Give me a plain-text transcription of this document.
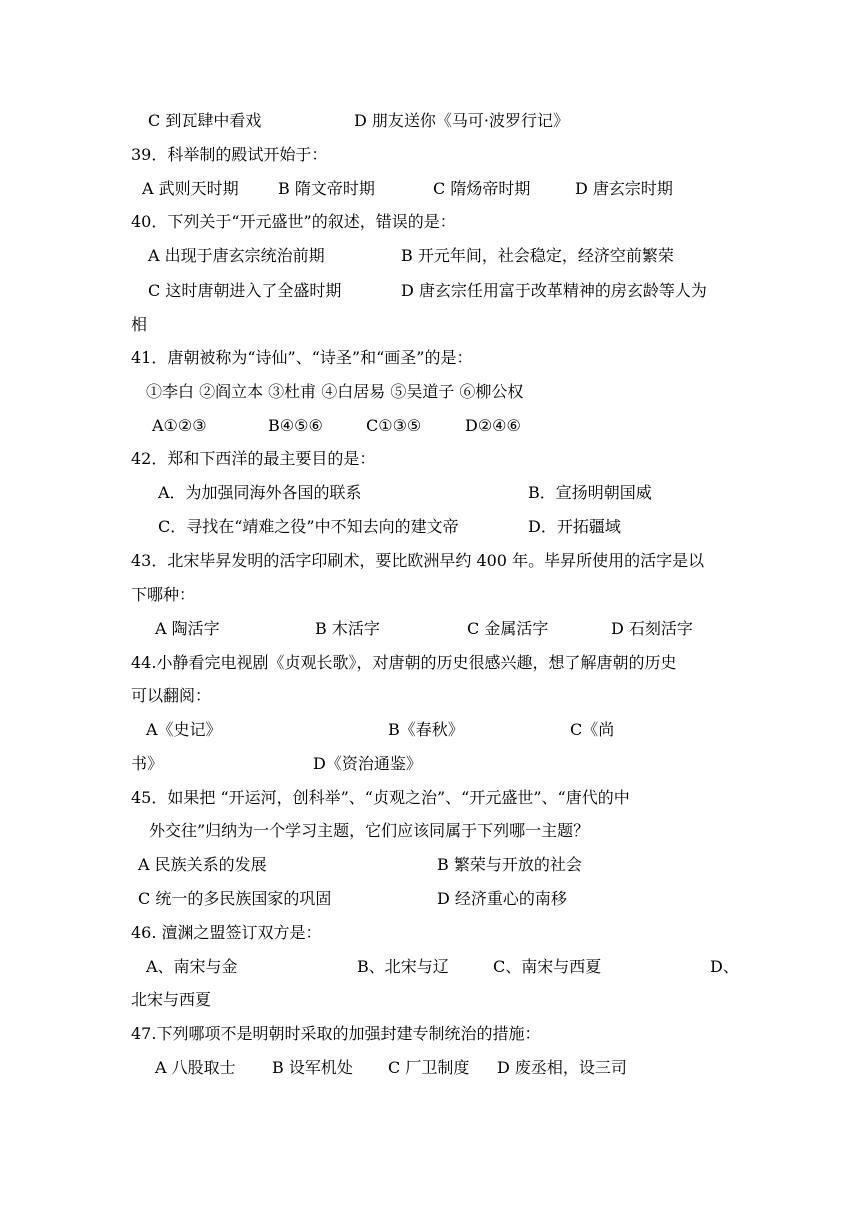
C 到瓦肆中看戏	D 朋友送你《马可·波罗行记》
39．科举制的殿试开始于：
A 武则天时期 B 隋文帝时期	C 隋炀帝时期	D 唐玄宗时期
40．下列关于“开元盛世”的叙述，错误的是：
A 出现于唐玄宗统治前期	B 开元年间，社会稳定，经济空前繁荣
C 这时唐朝进入了全盛时期	D 唐玄宗任用富于改革精神的房玄龄等人为
相
41．唐朝被称为“诗仙”、“诗圣”和“画圣”的是：
①李白 ②阎立本 ③杜甫 ④白居易 ⑤吴道子 ⑥柳公权
A①②③	B④⑤⑥	C①③⑤	D②④⑥
42．郑和下西洋的最主要目的是：
A．为加强同海外各国的联系	B．宣扬明朝国威
C．寻找在“靖难之役”中不知去向的建文帝	D．开拓疆域
43．北宋毕昇发明的活字印刷术，要比欧洲早约 400 年。毕昇所使用的活字是以
下哪种：
A 陶活字	B 木活字	C 金属活字	D 石刻活字
44.小静看完电视剧《贞观长歌》，对唐朝的历史很感兴趣，想了解唐朝的历史
可以翻阅：
A《史记》	B《春秋》	C《尚
书》	D《资治通鉴》
45．如果把 “开运河，创科举”、“贞观之治”、“开元盛世”、“唐代的中
外交往”归纳为一个学习主题，它们应该同属于下列哪一主题？
A 民族关系的发展	B 繁荣与开放的社会
C 统一的多民族国家的巩固	D 经济重心的南移
46. 澶渊之盟签订双方是：
A、南宋与金	B、北宋与辽	C、南宋与西夏	D、
北宋与西夏
47.下列哪项不是明朝时采取的加强封建专制统治的措施：
A 八股取士 B 设军机处 C 厂卫制度 D 废丞相，设三司
